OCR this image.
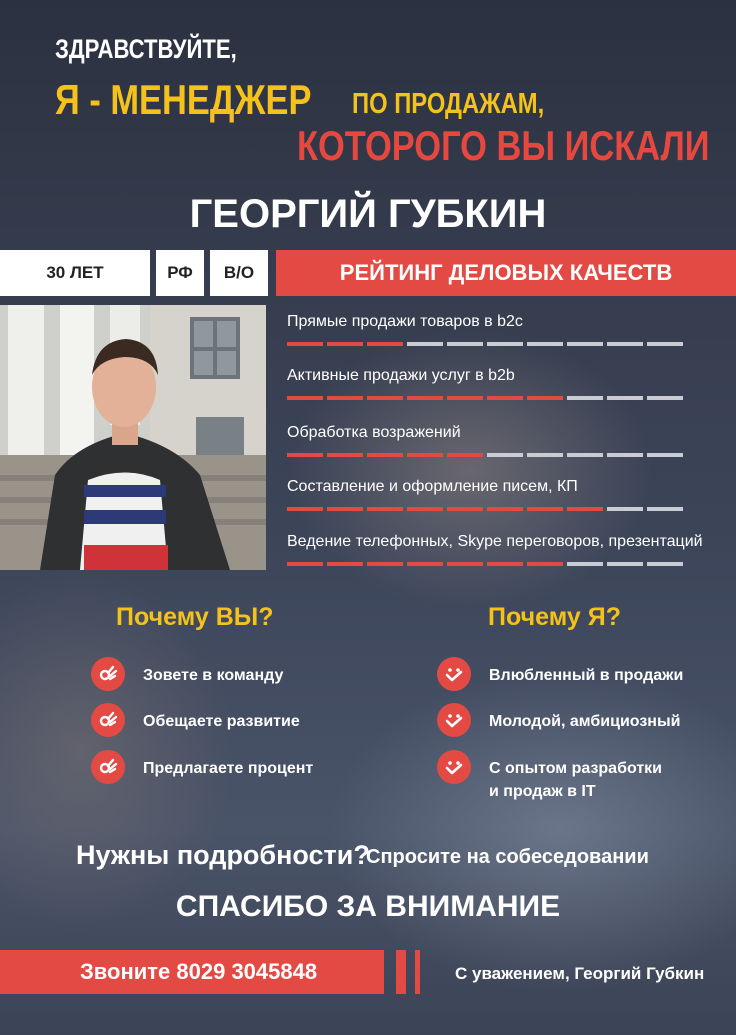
ЗДРАВСТВУЙТЕ,
Я - МЕНЕДЖЕР ПО ПРОДАЖАМ,
КОТОРОГО ВЫ ИСКАЛИ
ГЕОРГИЙ ГУБКИН
30 ЛЕТ	РФ В/О	РЕЙТИНГ ДЕЛОВЫХ КАЧЕСТВ
Прямые продажи товаров в b2c
Активные продажи услуг в b2b
Обработка возражений
Составление и оформление писем, КП
Ведение телефонных, Skype переговоров, презентаций
Почему ВЫ?	Почему Я?
Зовете в команду
Обещаете развитие
Предлагаете процент
Влюбленный в продажи
Молодой, амбициозный
С опытом разработки
и продаж в IT
Нужны подробности?
Спросите на собеседовании
СПАСИБО ЗА ВНИМАНИЕ
Звоните 8029 3045848	С уважением, Георгий Губкин
